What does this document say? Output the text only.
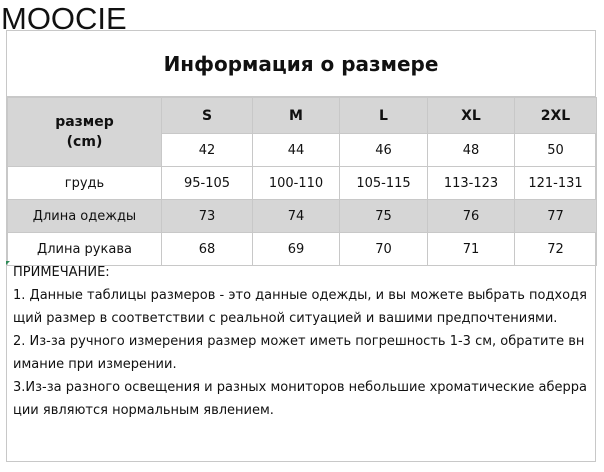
MOOCIE
Информация о размере
размер
(cm)	S	M	L	XL	2XL
	42	44	46	48	50
грудь	95-105	100-110	105-115	113-123	121-131
Длина одежды	73	74	75	76	77
Длина рукава	68	69	70	71	72

ПРИМЕЧАНИЕ:

1. Данные таблицы размеров - это данные одежды, и вы можете выбрать подходящий размер в соответствии с реальной ситуацией и вашими предпочтениями.

2. Из-за ручного измерения размер может иметь погрешность 1-3 см, обратите внимание при измерении.

3.Из-за разного освещения и разных мониторов небольшие хроматические аберрации являются нормальным явлением.
